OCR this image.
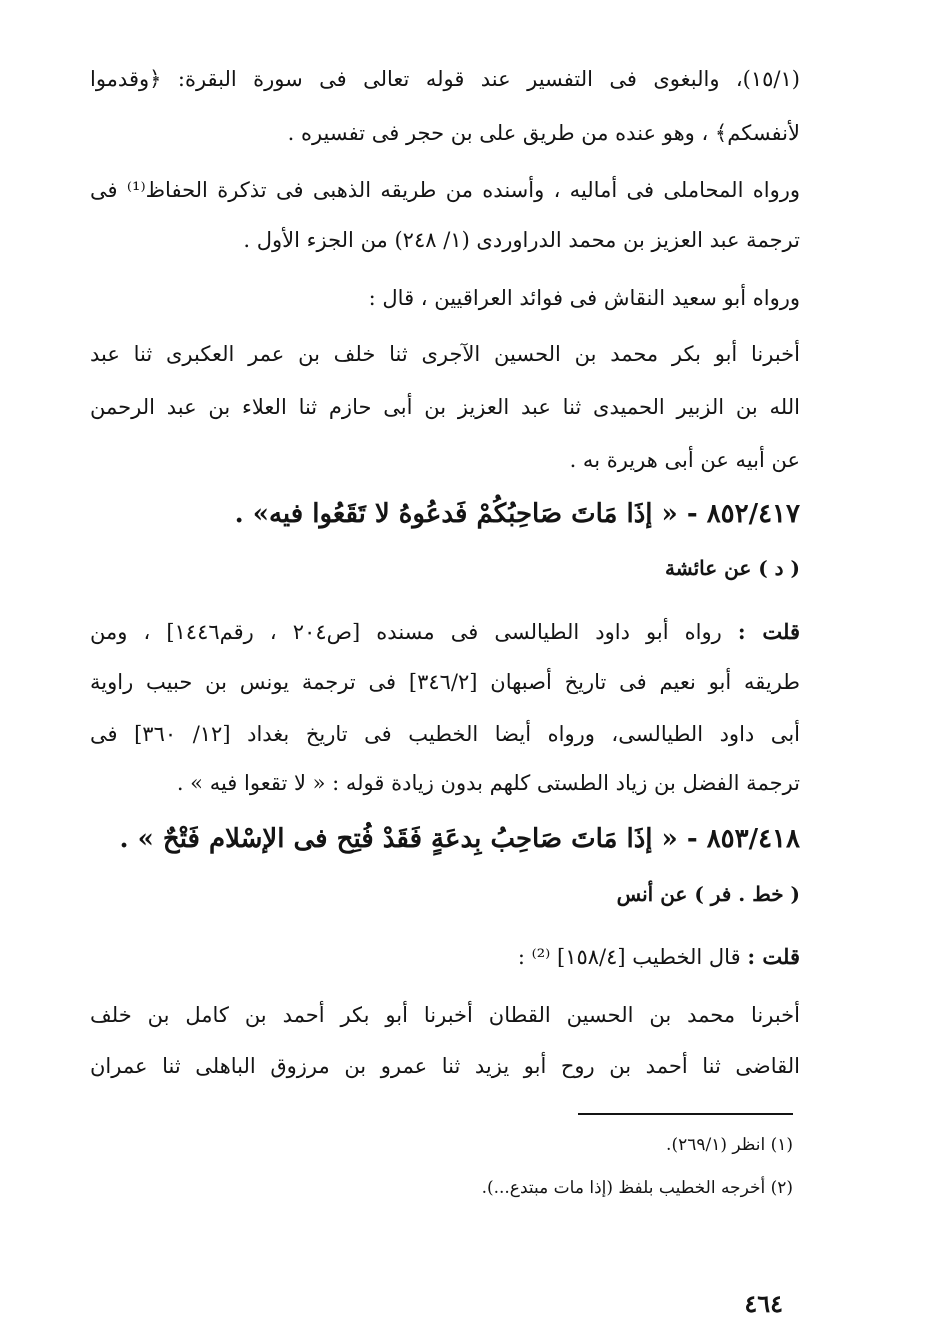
(١٥/١)، والبغوى فى التفسير عند قوله تعالى فى سورة البقرة: ﴿وقدموا
لأنفسكم﴾ ، وهو عنده من طريق على بن حجر فى تفسيره .
ورواه المحاملى فى أماليه ، وأسنده من طريقه الذهبى فى تذكرة الحفاظ⁽¹⁾ فى
ترجمة عبد العزيز بن محمد الدراوردى (١/ ٢٤٨) من الجزء الأول .
ورواه أبو سعيد النقاش فى فوائد العراقيين ، قال :
أخبرنا أبو بكر محمد بن الحسين الآجرى ثنا خلف بن عمر العكبرى ثنا عبد
الله بن الزبير الحميدى ثنا عبد العزيز بن أبى حازم ثنا العلاء بن عبد الرحمن
عن أبيه عن أبى هريرة به .
٨٥٢/٤١٧ - « إذَا مَاتَ صَاحِبُكُمْ فَدعُوهُ لا تَقَعُوا فيه» .
( د ) عن عائشة
قلت : رواه أبو داود الطيالسى فى مسنده [ص٢٠٤ ، رقم١٤٤٦] ، ومن
طريقه أبو نعيم فى تاريخ أصبهان [٣٤٦/٢] فى ترجمة يونس بن حبيب راوية
أبى داود الطيالسى، ورواه أيضا الخطيب فى تاريخ بغداد [١٢/ ٣٦٠] فى
ترجمة الفضل بن زياد الطستى كلهم بدون زيادة قوله : « لا تقعوا فيه » .
٨٥٣/٤١٨ - « إذَا مَاتَ صَاحِبُ بِدعَةٍ فَقَدْ فُتِح فى الإسْلام فَتْحٌ » .
( خط . فر ) عن أنس
قلت : قال الخطيب [١٥٨/٤] ⁽²⁾ :
أخبرنا محمد بن الحسين القطان أخبرنا أبو بكر أحمد بن كامل بن خلف
القاضى ثنا أحمد بن روح أبو يزيد ثنا عمرو بن مرزوق الباهلى ثنا عمران
(١) انظر (٢٦٩/١).
(٢) أخرجه الخطيب بلفظ (إذا مات مبتدع...).
٤٦٤
